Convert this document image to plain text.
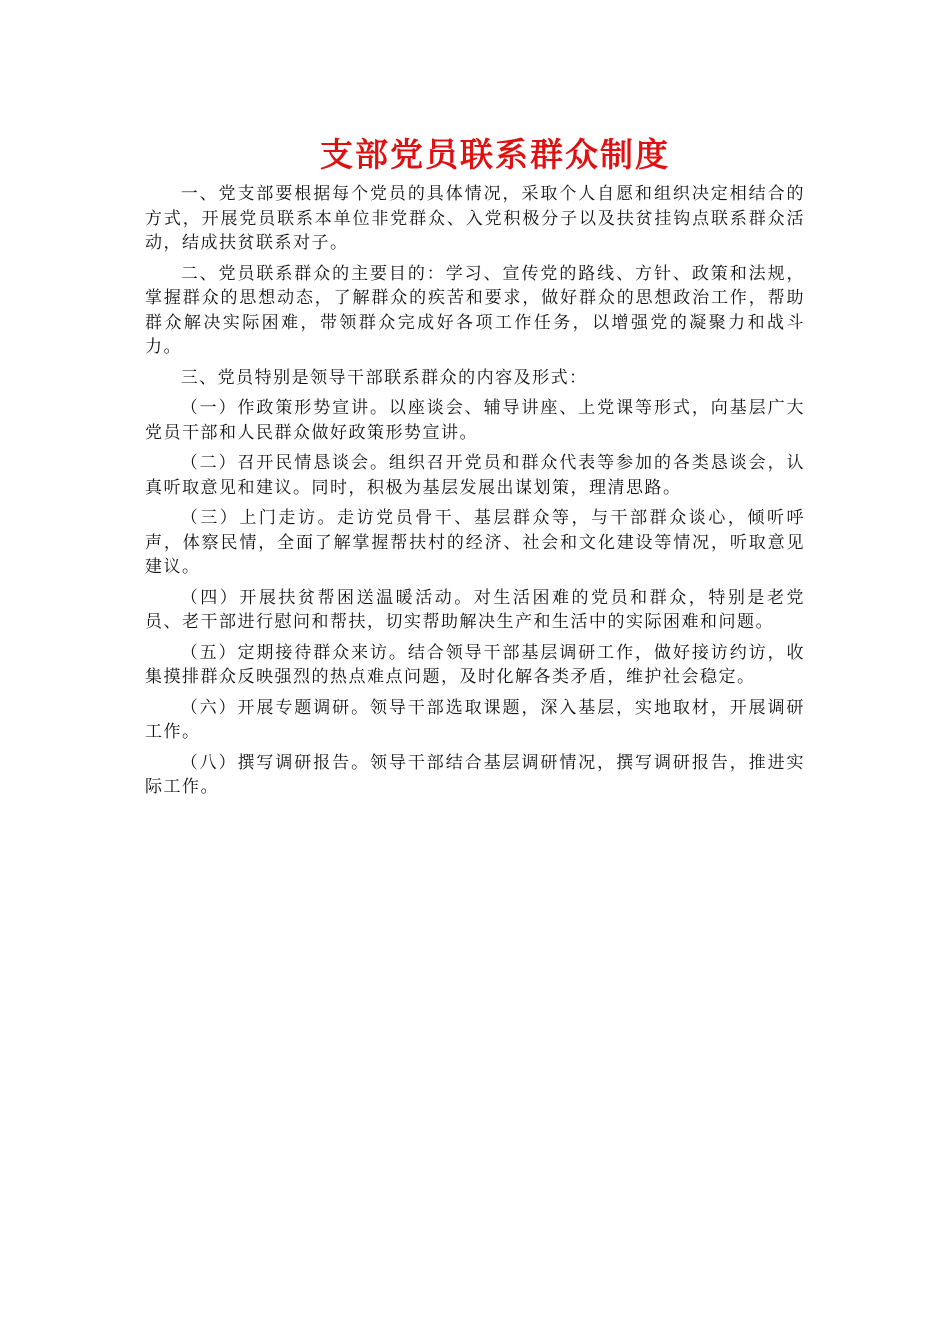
支部党员联系群众制度

一、党支部要根据每个党员的具体情况，采取个人自愿和组织决定相结合的方式，开展党员联系本单位非党群众、入党积极分子以及扶贫挂钩点联系群众活动，结成扶贫联系对子。

二、党员联系群众的主要目的：学习、宣传党的路线、方针、政策和法规，掌握群众的思想动态，了解群众的疾苦和要求，做好群众的思想政治工作，帮助群众解决实际困难，带领群众完成好各项工作任务，以增强党的凝聚力和战斗力。

三、党员特别是领导干部联系群众的内容及形式：

（一）作政策形势宣讲。以座谈会、辅导讲座、上党课等形式，向基层广大党员干部和人民群众做好政策形势宣讲。

（二）召开民情恳谈会。组织召开党员和群众代表等参加的各类恳谈会，认真听取意见和建议。同时，积极为基层发展出谋划策，理清思路。

（三）上门走访。走访党员骨干、基层群众等，与干部群众谈心，倾听呼声，体察民情，全面了解掌握帮扶村的经济、社会和文化建设等情况，听取意见建议。

（四）开展扶贫帮困送温暖活动。对生活困难的党员和群众，特别是老党员、老干部进行慰问和帮扶，切实帮助解决生产和生活中的实际困难和问题。

（五）定期接待群众来访。结合领导干部基层调研工作，做好接访约访，收集摸排群众反映强烈的热点难点问题，及时化解各类矛盾，维护社会稳定。

（六）开展专题调研。领导干部选取课题，深入基层，实地取材，开展调研工作。

（八）撰写调研报告。领导干部结合基层调研情况，撰写调研报告，推进实际工作。
